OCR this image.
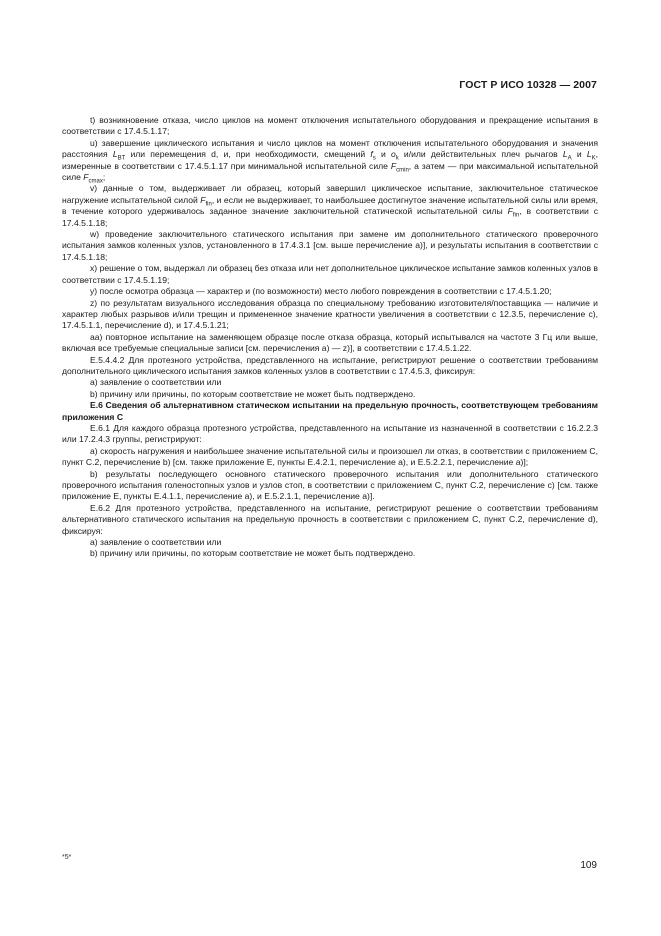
ГОСТ Р ИСО 10328 — 2007

t) возникновение отказа, число циклов на момент отключения испытательного оборудования и прекращение испытания в соответствии с 17.4.5.1.17;

u) завершение циклического испытания и число циклов на момент отключения испытательного оборудования и значения расстояния $L_{BT}$ или перемещения d, и, при необходимости, смещений $f_s$ и $o_k$ и/или действительных плеч рычагов $L_A$ и $L_K$, измеренные в соответствии с 17.4.5.1.17 при минимальной испытательной силе $F_{cmin}$, а затем — при максимальной испытательной силе $F_{cmax}$;

v) данные о том, выдерживает ли образец, который завершил циклическое испытание, заключительное статическое нагружение испытательной силой $F_{fin}$, и если не выдерживает, то наибольшее достигнутое значение испытательной силы или время, в течение которого удерживалось заданное значение заключительной статической испытательной силы $F_{fin}$, в соответствии с 17.4.5.1.18;

w) проведение заключительного статического испытания при замене им дополнительного статического проверочного испытания замков коленных узлов, установленного в 17.4.3.1 [см. выше перечисление а)], и результаты испытания в соответствии с 17.4.5.1.18;

x) решение о том, выдержал ли образец без отказа или нет дополнительное циклическое испытание замков коленных узлов в соответствии с 17.4.5.1.19;

y) после осмотра образца — характер и (по возможности) место любого повреждения в соответствии с 17.4.5.1.20;

z) по результатам визуального исследования образца по специальному требованию изготовителя/поставщика — наличие и характер любых разрывов и/или трещин и примененное значение кратности увеличения в соответствии с 12.3.5, перечисление с), 17.4.5.1.1, перечисление d), и 17.4.5.1.21;

аа) повторное испытание на заменяющем образце после отказа образца, который испытывался на частоте 3 Гц или выше, включая все требуемые специальные записи [см. перечисления а) — z)], в соответствии с 17.4.5.1.22.

Е.5.4.4.2 Для протезного устройства, представленного на испытание, регистрируют решение о соответствии требованиям дополнительного циклического испытания замков коленных узлов в соответствии с 17.4.5.3, фиксируя:

а) заявление о соответствии или

b) причину или причины, по которым соответствие не может быть подтверждено.

Е.6 Сведения об альтернативном статическом испытании на предельную прочность, соответствующем требованиям приложения С

Е.6.1 Для каждого образца протезного устройства, представленного на испытание из назначенной в соответствии с 16.2.2.3 или 17.2.4.3 группы, регистрируют:

а) скорость нагружения и наибольшее значение испытательной силы и произошел ли отказ, в соответствии с приложением С, пункт С.2, перечисление b) [см. также приложение Е, пункты Е.4.2.1, перечисление а), и Е.5.2.2.1, перечисление а)];

b) результаты последующего основного статического проверочного испытания или дополнительного статического проверочного испытания голеностопных узлов и узлов стоп, в соответствии с приложением С, пункт С.2, перечисление с) [см. также приложение Е, пункты Е.4.1.1, перечисление а), и Е.5.2.1.1, перечисление а)].

Е.6.2 Для протезного устройства, представленного на испытание, регистрируют решение о соответствии требованиям альтернативного статического испытания на предельную прочность в соответствии с приложением С, пункт С.2, перечисление d), фиксируя:

а) заявление о соответствии или

b) причину или причины, по которым соответствие не может быть подтверждено.

*5*
109
